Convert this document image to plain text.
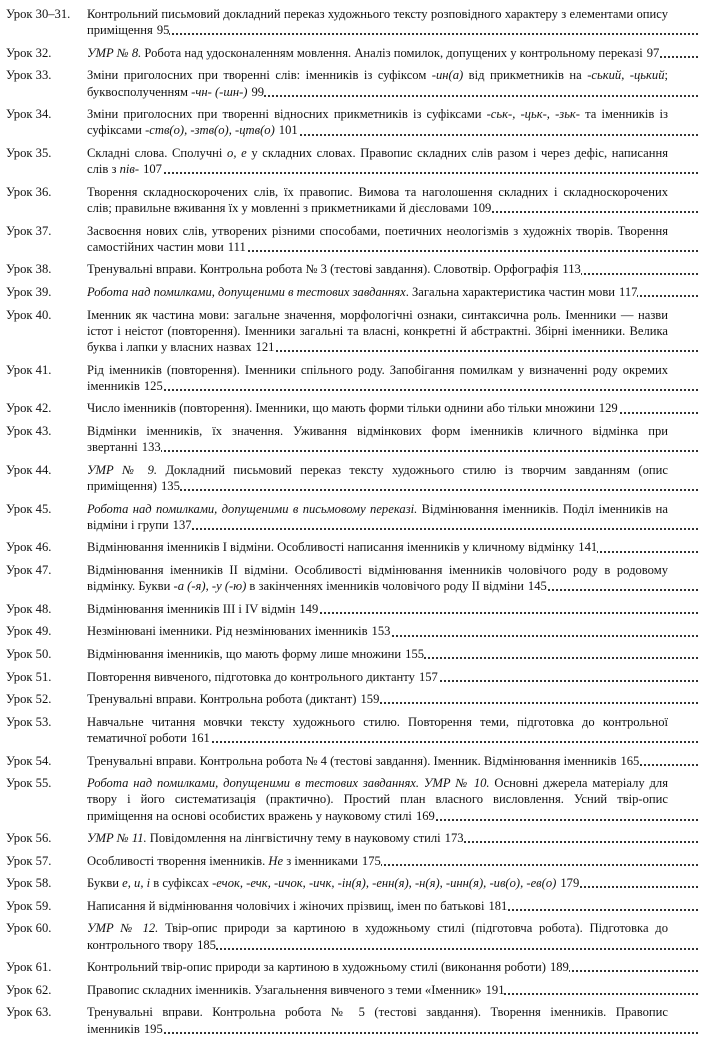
Урок 30–31.	Контрольний письмовий докладний переказ художнього тексту розповідного характеру з елементами опису приміщення 95
Урок 32.	УМР № 8. Робота над удосконаленням мовлення. Аналіз помилок, допущених у контрольному переказі 97
Урок 33.	Зміни приголосних при творенні слів: іменників із суфіксом -ин(а) від прикметників на -ський, -цький; буквосполученням -чн- (-шн-) 99
Урок 34.	Зміни приголосних при творенні відносних прикметників із суфіксами -ськ-, -цьк-, -зьк- та іменників із суфіксами -ств(о), -зтв(о), -цтв(о) 101
Урок 35.	Складні слова. Сполучні о, е у складних словах. Правопис складних слів разом і через дефіс, написання слів з пів- 107
Урок 36.	Творення складноскорочених слів, їх правопис. Вимова та наголошення складних і складноскорочених слів; правильне вживання їх у мовленні з прикметниками й дієсловами 109
Урок 37.	Засвоєння нових слів, утворених різними способами, поетичних неологізмів з художніх творів. Творення самостійних частин мови 111
Урок 38.	Тренувальні вправи. Контрольна робота № 3 (тестові завдання). Словотвір. Орфографія 113
Урок 39.	Робота над помилками, допущеними в тестових завданнях. Загальна характеристика частин мови 117
Урок 40.	Іменник як частина мови: загальне значення, морфологічні ознаки, синтаксична роль. Іменники — назви істот і неістот (повторення). Іменники загальні та власні, конкретні й абстрактні. Збірні іменники. Велика буква і лапки у власних назвах 121
Урок 41.	Рід іменників (повторення). Іменники спільного роду. Запобігання помилкам у визначенні роду окремих іменників 125
Урок 42.	Число іменників (повторення). Іменники, що мають форми тільки однини або тільки множини 129
Урок 43.	Відмінки іменників, їх значення. Уживання відмінкових форм іменників кличного відмінка при звертанні 133
Урок 44.	УМР № 9. Докладний письмовий переказ тексту художнього стилю із творчим завданням (опис приміщення) 135
Урок 45.	Робота над помилками, допущеними в письмовому переказі. Відмінювання іменників. Поділ іменників на відміни і групи 137
Урок 46.	Відмінювання іменників І відміни. Особливості написання іменників у кличному відмінку 141
Урок 47.	Відмінювання іменників II відміни. Особливості відмінювання іменників чоловічого роду в родовому відмінку. Букви -а (-я), -у (-ю) в закінченнях іменників чоловічого роду II відміни 145
Урок 48.	Відмінювання іменників III і IV відмін 149
Урок 49.	Незмінювані іменники. Рід незмінюваних іменників 153
Урок 50.	Відмінювання іменників, що мають форму лише множини 155
Урок 51.	Повторення вивченого, підготовка до контрольного диктанту 157
Урок 52.	Тренувальні вправи. Контрольна робота (диктант) 159
Урок 53.	Навчальне читання мовчки тексту художнього стилю. Повторення теми, підготовка до контрольної тематичної роботи 161
Урок 54.	Тренувальні вправи. Контрольна робота № 4 (тестові завдання). Іменник. Відмінювання іменників 165
Урок 55.	Робота над помилками, допущеними в тестових завданнях. УМР № 10. Основні джерела матеріалу для твору і його систематизація (практично). Простий план власного висловлення. Усний твір-опис приміщення на основі особистих вражень у науковому стилі 169
Урок 56.	УМР № 11. Повідомлення на лінгвістичну тему в науковому стилі 173
Урок 57.	Особливості творення іменників. Не з іменниками 175
Урок 58.	Букви е, и, і в суфіксах -ечок, -ечк, -ичок, -ичк, -ін(я), -енн(я), -н(я), -инн(я), -ив(о), -ев(о) 179
Урок 59.	Написання й відмінювання чоловічих і жіночих прізвищ, імен по батькові 181
Урок 60.	УМР № 12. Твір-опис природи за картиною в художньому стилі (підготовча робота). Підготовка до контрольного твору 185
Урок 61.	Контрольний твір-опис природи за картиною в художньому стилі (виконання роботи) 189
Урок 62.	Правопис складних іменників. Узагальнення вивченого з теми «Іменник» 191
Урок 63.	Тренувальні вправи. Контрольна робота № 5 (тестові завдання). Творення іменників. Правопис іменників 195
